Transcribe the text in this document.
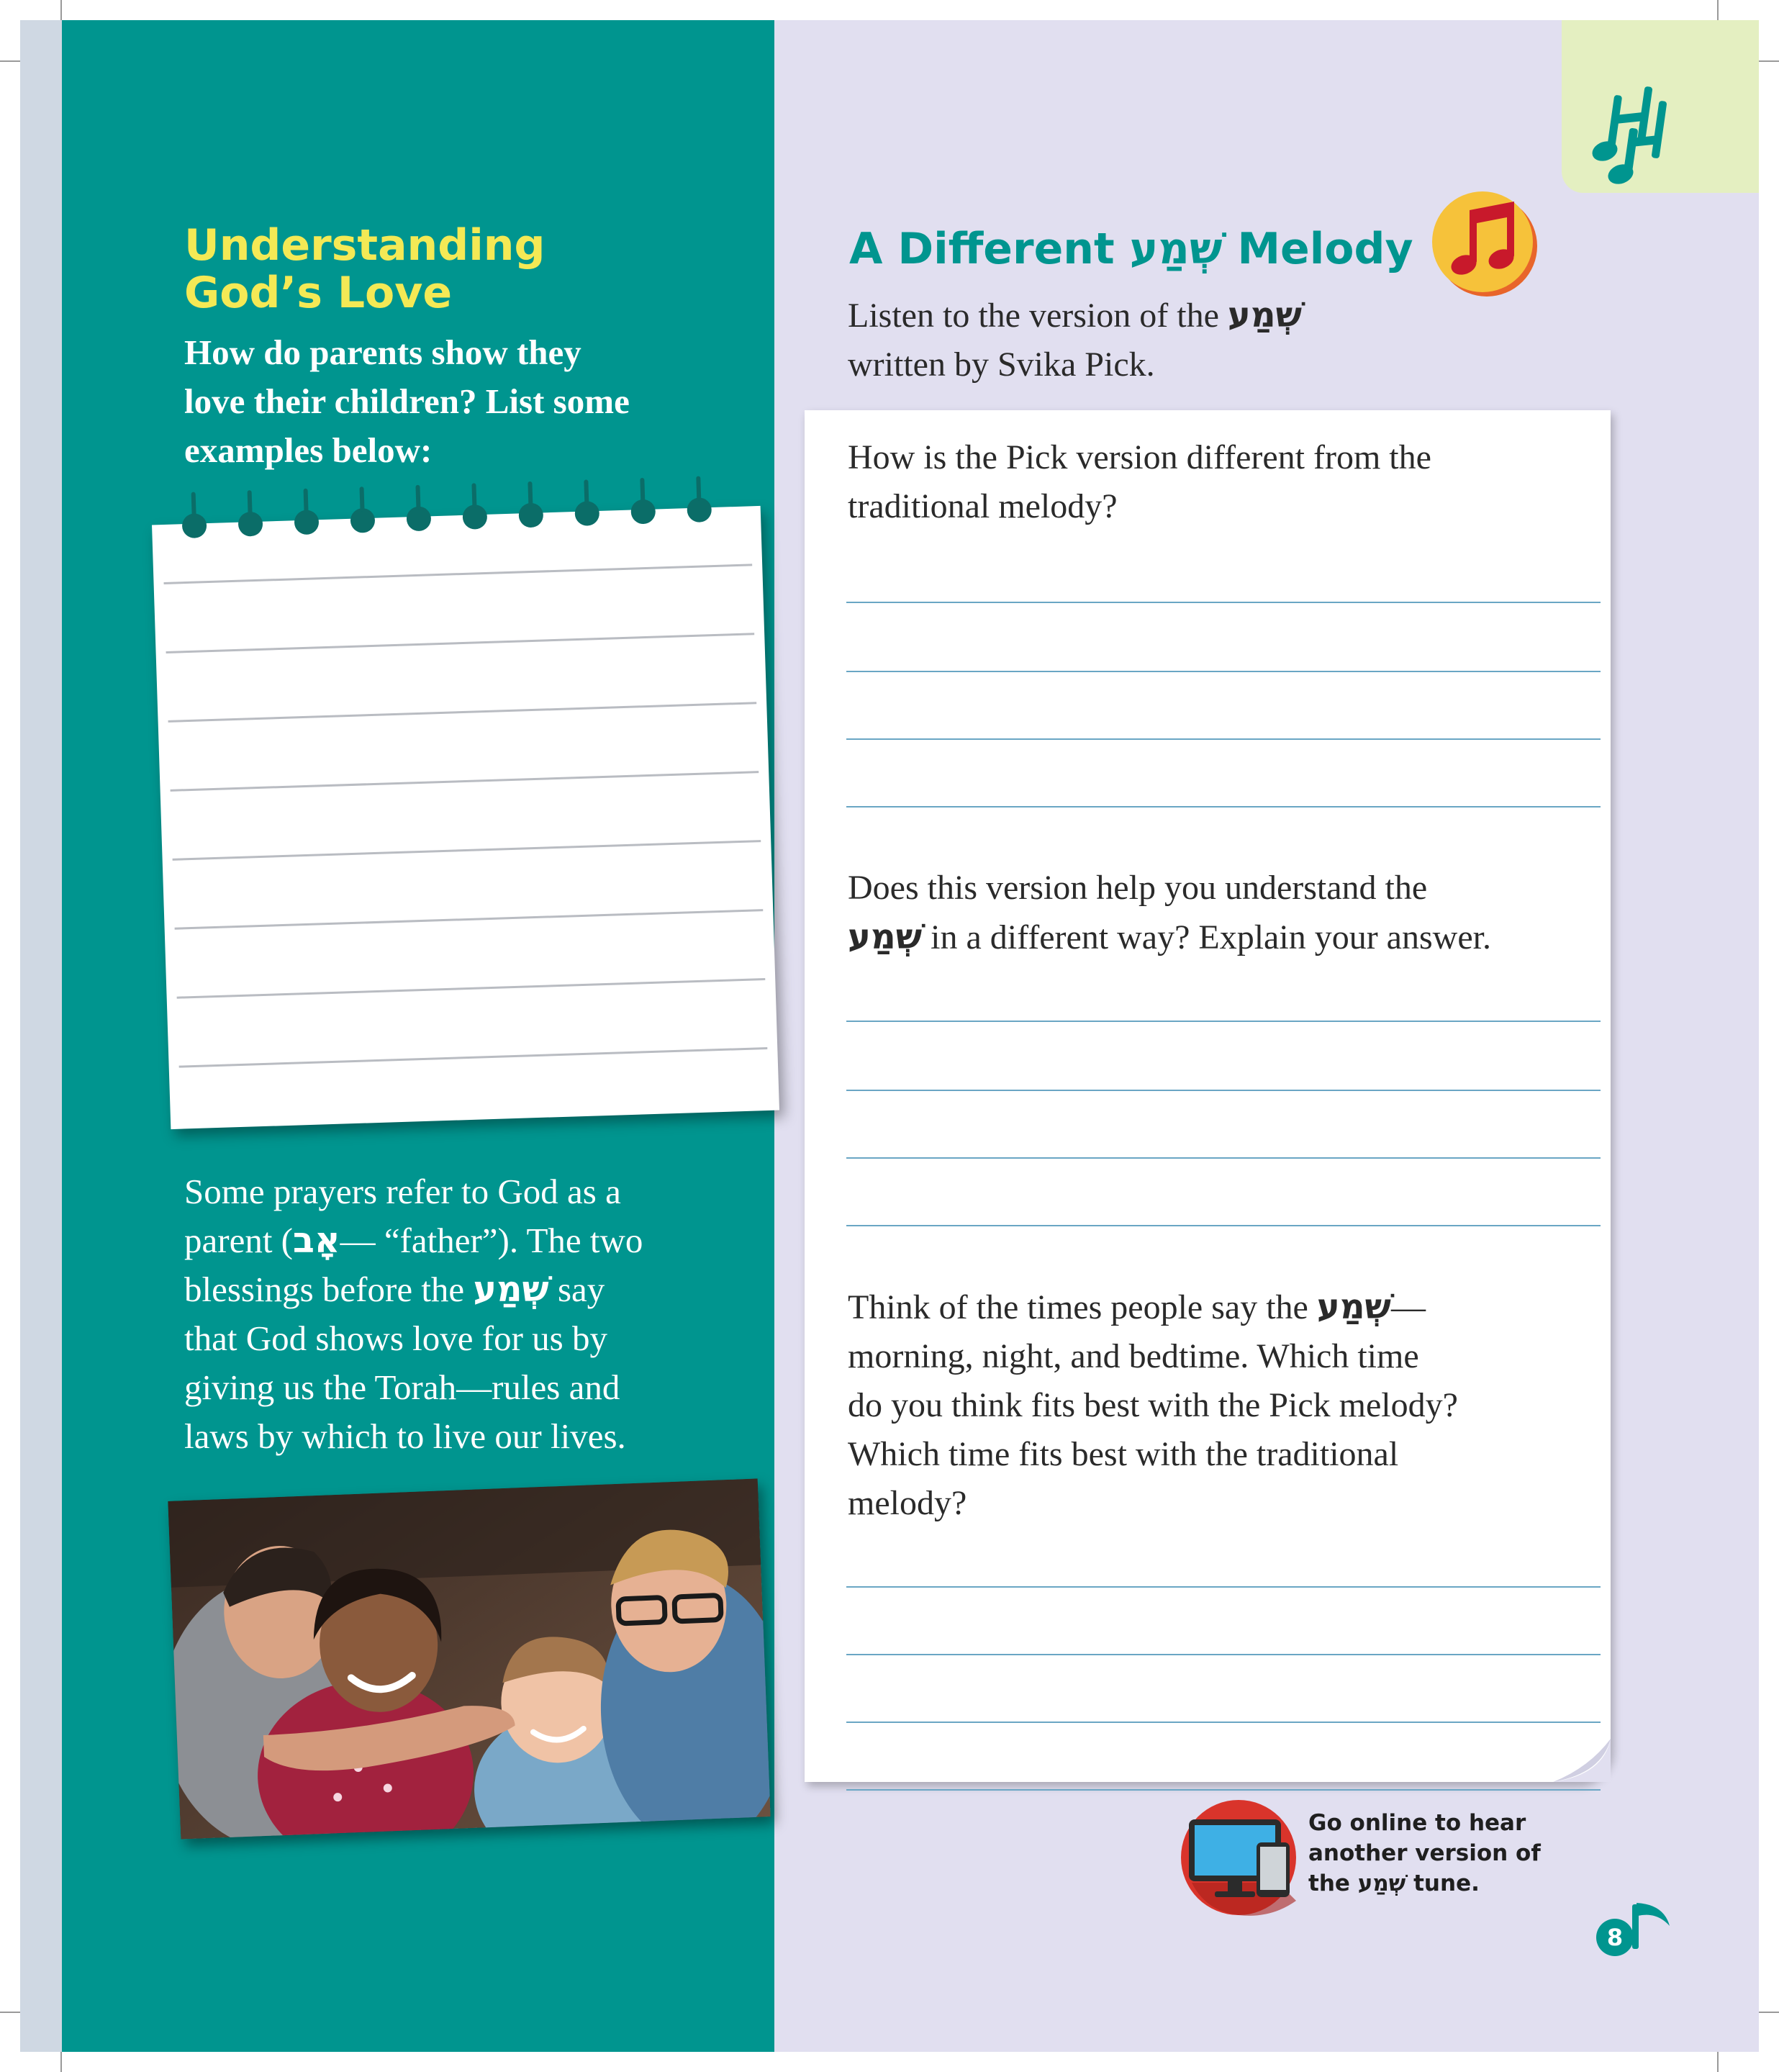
Understanding
God’s Love
How do parents show they
love their children? List some
examples below:
Some prayers refer to God as a
parent (אָב— “father”). The two
blessings before the שְׁמַע say
that God shows love for us by
giving us the Torah—rules and
laws by which to live our lives.
A Different שְׁמַע Melody
Listen to the version of the שְׁמַע
written by Svika Pick.
How is the Pick version different from the
traditional melody?
Does this version help you understand the
שְׁמַע in a different way? Explain your answer.
Think of the times people say the שְׁמַע—
morning, night, and bedtime. Which time
do you think fits best with the Pick melody?
Which time fits best with the traditional
melody?
Go online to hear
another version of
the שְׁמַע tune.
8
